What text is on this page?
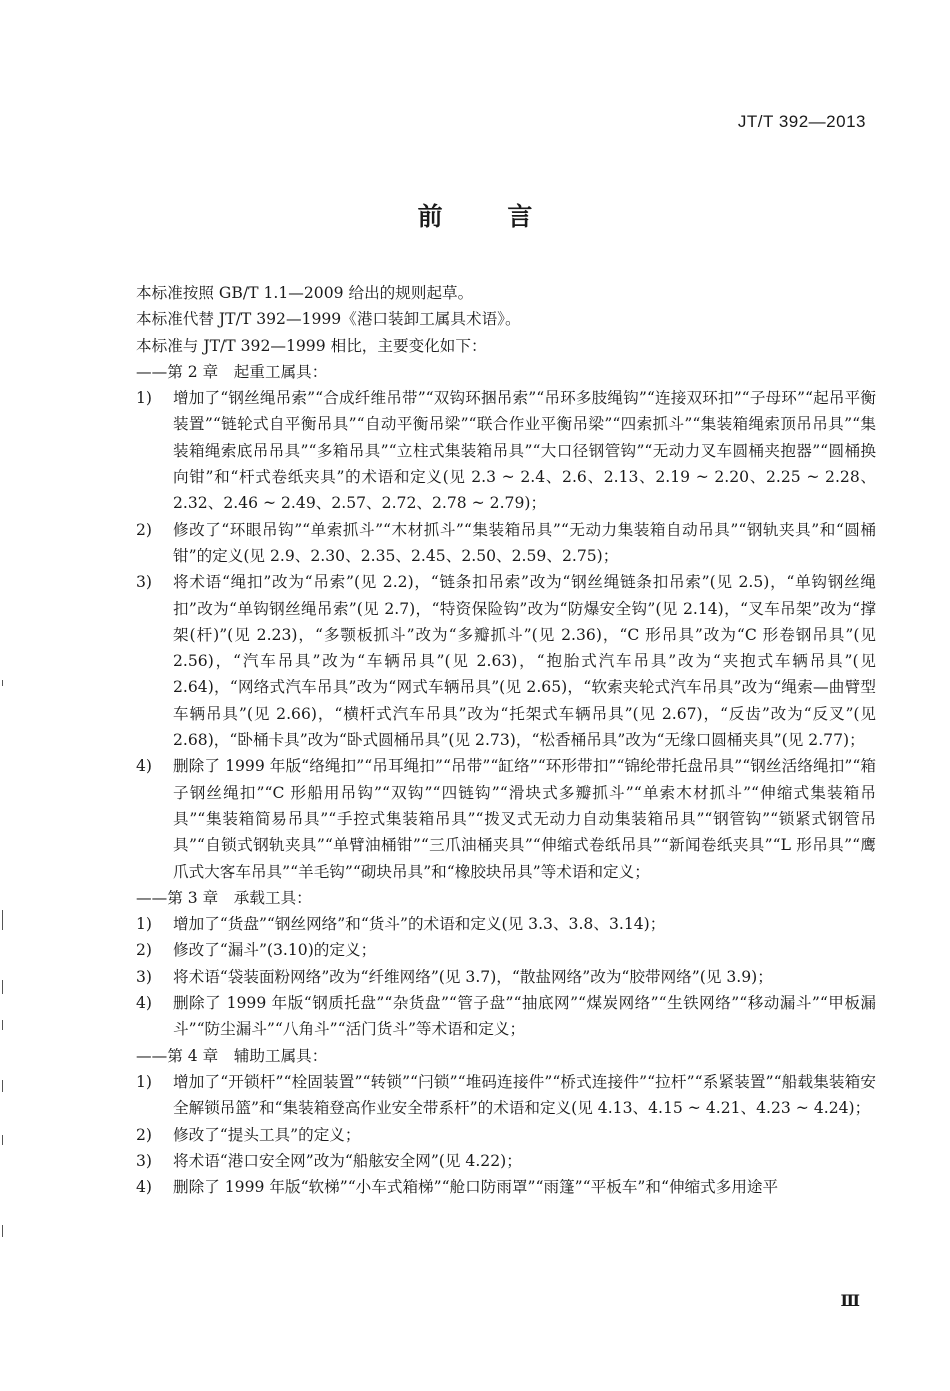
JT/T 392—2013
前 言

本标准按照 GB/T 1.1—2009 给出的规则起草。

本标准代替 JT/T 392—1999《港口装卸工属具术语》。

本标准与 JT/T 392—1999 相比，主要变化如下：

——第 2 章　起重工属具：

1) 增加了“钢丝绳吊索”“合成纤维吊带”“双钩环捆吊索”“吊环多肢绳钩”“连接双环扣”“子母环”“起吊平衡装置”“链轮式自平衡吊具”“自动平衡吊梁”“联合作业平衡吊梁”“四索抓斗”“集装箱绳索顶吊吊具”“集装箱绳索底吊吊具”“多箱吊具”“立柱式集装箱吊具”“大口径钢管钩”“无动力叉车圆桶夹抱器”“圆桶换向钳”和“杆式卷纸夹具”的术语和定义(见 2.3 ~ 2.4、2.6、2.13、2.19 ~ 2.20、2.25 ~ 2.28、2.32、2.46 ~ 2.49、2.57、2.72、2.78 ~ 2.79)；
2) 修改了“环眼吊钩”“单索抓斗”“木材抓斗”“集装箱吊具”“无动力集装箱自动吊具”“钢轨夹具”和“圆桶钳”的定义(见 2.9、2.30、2.35、2.45、2.50、2.59、2.75)；
3) 将术语“绳扣”改为“吊索”(见 2.2)，“链条扣吊索”改为“钢丝绳链条扣吊索”(见 2.5)，“单钩钢丝绳扣”改为“单钩钢丝绳吊索”(见 2.7)，“特资保险钩”改为“防爆安全钩”(见 2.14)，“叉车吊架”改为“撑架(杆)”(见 2.23)，“多颚板抓斗”改为“多瓣抓斗”(见 2.36)，“C 形吊具”改为“C 形卷钢吊具”(见 2.56)，“汽车吊具”改为“车辆吊具”(见 2.63)，“抱胎式汽车吊具”改为“夹抱式车辆吊具”(见 2.64)，“网络式汽车吊具”改为“网式车辆吊具”(见 2.65)，“软索夹轮式汽车吊具”改为“绳索—曲臂型车辆吊具”(见 2.66)，“横杆式汽车吊具”改为“托架式车辆吊具”(见 2.67)，“反齿”改为“反叉”(见 2.68)，“卧桶卡具”改为“卧式圆桶吊具”(见 2.73)，“松香桶吊具”改为“无缘口圆桶夹具”(见 2.77)；
4) 删除了 1999 年版“络绳扣”“吊耳绳扣”“吊带”“缸络”“环形带扣”“锦纶带托盘吊具”“钢丝活络绳扣”“箱子钢丝绳扣”“C 形船用吊钩”“双钩”“四链钩”“滑块式多瓣抓斗”“单索木材抓斗”“伸缩式集装箱吊具”“集装箱简易吊具”“手控式集装箱吊具”“拨叉式无动力自动集装箱吊具”“钢管钩”“锁紧式钢管吊具”“自锁式钢轨夹具”“单臂油桶钳”“三爪油桶夹具”“伸缩式卷纸吊具”“新闻卷纸夹具”“L 形吊具”“鹰爪式大客车吊具”“羊毛钩”“砌块吊具”和“橡胶块吊具”等术语和定义；

——第 3 章　承载工具：

1) 增加了“货盘”“钢丝网络”和“货斗”的术语和定义(见 3.3、3.8、3.14)；
2) 修改了“漏斗”(3.10)的定义；
3) 将术语“袋装面粉网络”改为“纤维网络”(见 3.7)，“散盐网络”改为“胶带网络”(见 3.9)；
4) 删除了 1999 年版“钢质托盘”“杂货盘”“管子盘”“抽底网”“煤炭网络”“生铁网络”“移动漏斗”“甲板漏斗”“防尘漏斗”“八角斗”“活门货斗”等术语和定义；

——第 4 章　辅助工属具：

1) 增加了“开锁杆”“栓固装置”“转锁”“闩锁”“堆码连接件”“桥式连接件”“拉杆”“系紧装置”“船载集装箱安全解锁吊篮”和“集装箱登高作业安全带系杆”的术语和定义(见 4.13、4.15 ~ 4.21、4.23 ~ 4.24)；
2) 修改了“提头工具”的定义；
3) 将术语“港口安全网”改为“船舷安全网”(见 4.22)；
4) 删除了 1999 年版“软梯”“小车式箱梯”“舱口防雨罩”“雨篷”“平板车”和“伸缩式多用途平
Ⅲ
